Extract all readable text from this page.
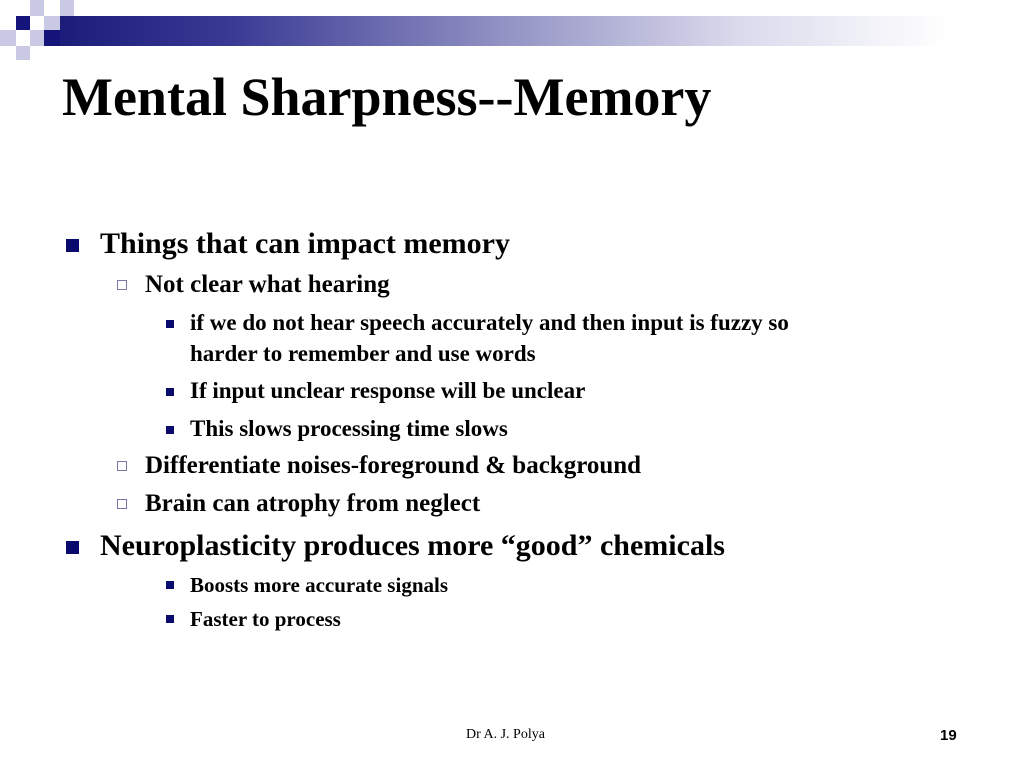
Mental Sharpness--Memory
Things that can impact memory
Not clear what hearing
if we do not hear speech accurately and then input is fuzzy so
harder to remember and use words
If input unclear response will be unclear
This slows processing time slows
Differentiate noises-foreground & background
Brain can atrophy from neglect
Neuroplasticity produces more “good” chemicals
Boosts more accurate signals
Faster to process
Dr A. J. Polya	19
